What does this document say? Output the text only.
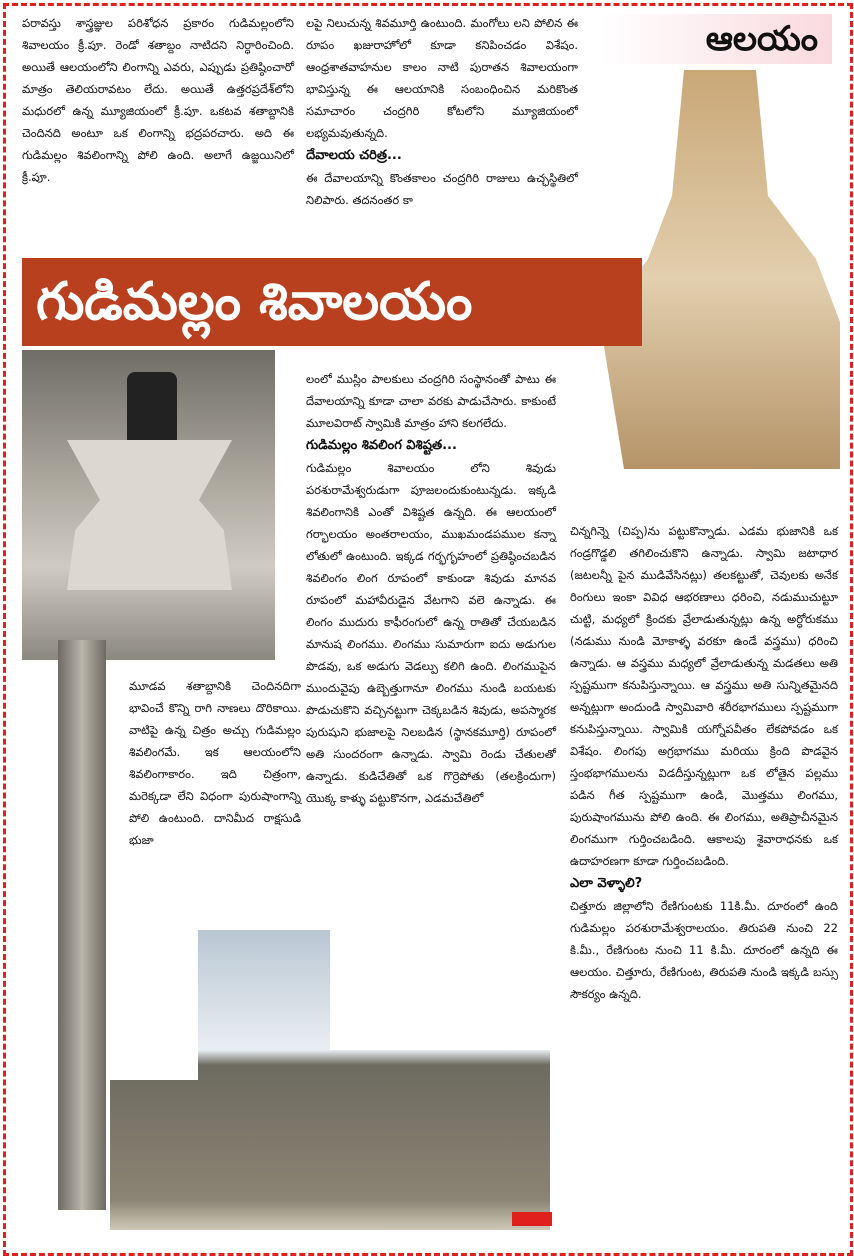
ఆలయం
పరావస్తు శాస్త్రజ్ఞుల పరిశోధన ప్రకారం గుడిమల్లంలోని శివాలయం క్రీ.పూ. రెండో శతాబ్దం నాటిదని నిర్ధారించింది. అయితే ఆలయంలోని లింగాన్ని ఎవరు, ఎప్పుడు ప్రతిష్ఠించారో మాత్రం తెలియరావటం లేదు. అయితే ఉత్తరప్రదేశ్‌లోని మధురలో ఉన్న మ్యూజియంలో క్రీ.పూ. ఒకటవ శతాబ్దానికి చెందినది అంటూ ఒక లింగాన్ని భద్రపరచారు. అది ఈ గుడిమల్లం శివలింగాన్ని పోలి ఉంది. అలాగే ఉజ్జయినిలో క్రీ.పూ.
లపై నిలుచున్న శివమూర్తి ఉంటుంది. మంగోలు లని పోలిన ఈ రూపం ఖజురాహోలో కూడా కనిపించడం విశేషం. ఆంధ్రశాతవాహనుల కాలం నాటి పురాతన శివాలయంగా భావిస్తున్న ఈ ఆలయానికి సంబంధించిన మరికొంత సమాచారం చంద్రగిరి కోటలోని మ్యూజియంలో లభ్యమవుతున్నది.
దేవాలయ చరిత్ర...
ఈ దేవాలయాన్ని కొంతకాలం చంద్రగిరి రాజులు ఉచ్ఛస్థితిలో నిలిపారు. తదనంతర కా
గుడిమల్లం శివాలయం
లంలో ముస్లిం పాలకులు చంద్రగిరి సంస్థానంతో పాటు ఈ దేవాలయాన్ని కూడా చాలా వరకు పాడుచేసారు. కాకుంటే మూలవిరాట్ స్వామికి మాత్రం హాని కలగలేదు.
గుడిమల్లం శివలింగ విశిష్టత...
గుడిమల్లం శివాలయం లోని శివుడు పరశురామేశ్వరుడుగా పూజలందుకుంటున్నడు. ఇక్కడి శివలింగానికి ఎంతో విశిష్టత ఉన్నది. ఈ ఆలయంలో గర్భాలయం అంతరాలయం, ముఖమండపముల కన్నా లోతులో ఉంటుంది. ఇక్కడ గర్భగృహంలో ప్రతిష్ఠించబడిన శివలింగం లింగ రూపంలో కాకుండా శివుడు మానవ రూపంలో మహావీరుడైన వేటగాని వలె ఉన్నాడు. ఈ లింగం ముదురు కాఫీరంగులో ఉన్న రాతితో చేయబడిన మానుష లింగము. లింగము సుమారుగా ఐదు అడుగుల పొడవు, ఒక అడుగు వెడల్పు కలిగి ఉంది. లింగముపైన ముందువైపు ఉబ్బెత్తుగానూ లింగము నుండి బయటకు పొడుచుకొని వచ్చినట్టుగా చెక్కబడిన శివుడు, అపస్మారక పురుషుని భుజాలపై నిలబడిన (స్థానకమూర్తి) రూపంలో అతి సుందరంగా ఉన్నాడు. స్వామి రెండు చేతులతో ఉన్నాడు. కుడిచేతితో ఒక గొర్రెపోతు (తలక్రిందుగా) యొక్క కాళ్ళు పట్టుకొనగా, ఎడమచేతిలో
చిన్నగిన్నె (చిప్ప)ను పట్టుకొన్నాడు. ఎడమ భుజానికి ఒక గండ్రగొడ్డలి తగిలించుకొని ఉన్నాడు. స్వామి జటాధార (జటలన్నీ పైన ముడివేసినట్లు) తలకట్టుతో, చెవులకు అనేక రింగులు ఇంకా వివిధ ఆభరణాలు ధరించి, నడుముచుట్టూ చుట్టి, మధ్యలో క్రిందకు వ్రేలాడుతున్నట్లు ఉన్న అర్ధోరుకము (నడుము నుండి మోకాళ్ళ వరకూ ఉండే వస్త్రము) ధరించి ఉన్నాడు. ఆ వస్త్రము మధ్యలో వ్రేలాడుతున్న మడతలు అతి స్పష్టముగా కనుపిస్తున్నాయి. ఆ వస్త్రము అతి సున్నితమైనది అన్నట్లుగా అందుండి స్వామివారి శరీరభాగములు స్పష్టముగా కనుపిస్తున్నాయి. స్వామికి యగ్నోపవీతం లేకపోవడం ఒక విశేషం. లింగపు అగ్రభాగము మరియు క్రింది పొడవైన స్తంభభాగములను విడదీస్తున్నట్లుగా ఒక లోతైన పల్లము పడిన గీత స్పష్టముగా ఉండి, మొత్తము లింగము, పురుషాంగమును పోలి ఉంది. ఈ లింగము, అతిప్రాచీనమైన లింగముగా గుర్తించబడింది. ఆకాలపు శైవారాధనకు ఒక ఉదాహరణగా కూడా గుర్తించబడింది.
ఎలా వెళ్ళాలి?
చిత్తూరు జిల్లాలోని రేణిగుంటకు 11కి.మీ. దూరంలో ఉంది గుడిమల్లం పరశురామేశ్వరాలయం. తిరుపతి నుంచి 22 కి.మీ., రేణిగుంట నుంచి 11 కి.మీ. దూరంలో ఉన్నది ఈ ఆలయం. చిత్తూరు, రేణిగుంట, తిరుపతి నుండి ఇక్కడి బస్సు సౌకర్యం ఉన్నది.
మూడవ శతాబ్దానికి చెందినదిగా భావించే కొన్ని రాగి నాణలు దొరికాయి. వాటిపై ఉన్న చిత్రం అచ్చు గుడిమల్లం శివలింగమే. ఇక ఆలయంలోని శివలింగాకారం. ఇది చిత్రంగా, మరెక్కడా లేని విధంగా పురుషాంగాన్ని పోలి ఉంటుంది. దానిమీద రాక్షసుడి భుజా
